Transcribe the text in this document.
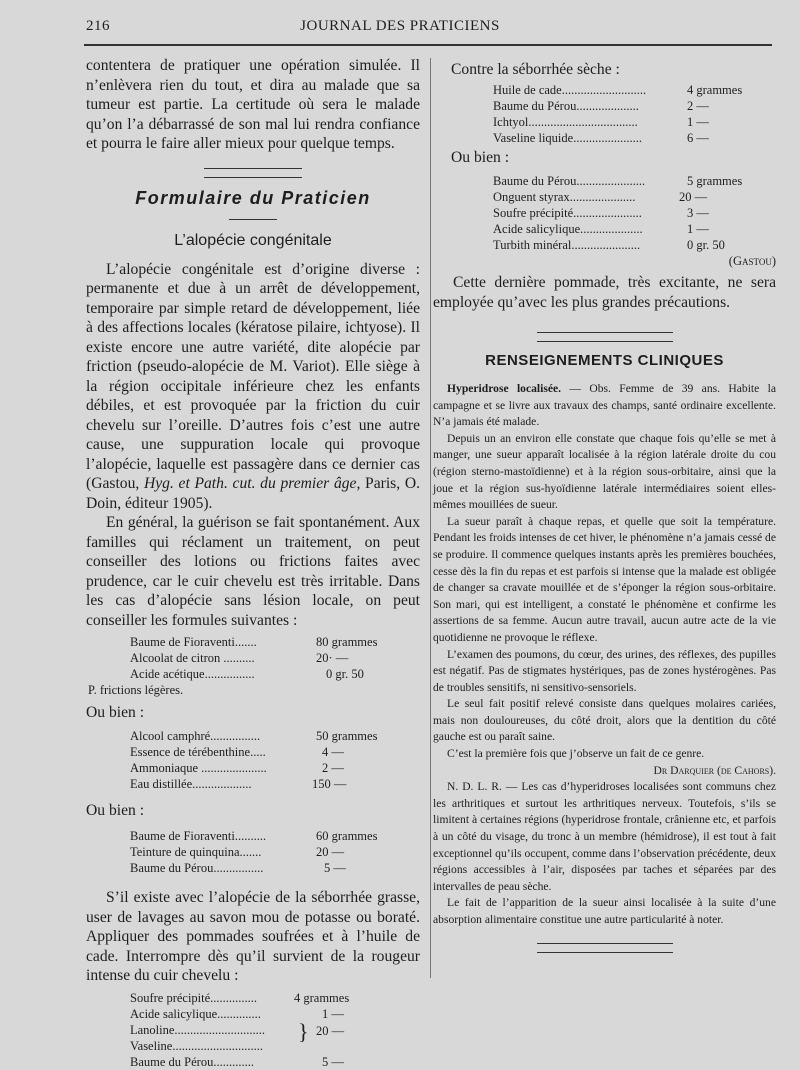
216	JOURNAL DES PRATICIENS

contentera de pratiquer une opération simulée. Il n’enlèvera rien du tout, et dira au malade que sa tumeur est partie. La certitude où sera le malade qu’on l’a débarrassé de son mal lui rendra confiance et pourra le faire aller mieux pour quelque temps.

Formulaire du Praticien
L’alopécie congénitale

L’alopécie congénitale est d’origine diverse : permanente et due à un arrêt de développement, temporaire par simple retard de développement, liée à des affections locales (kératose pilaire, ichtyose). Il existe encore une autre variété, dite alopécie par friction (pseudo-alopécie de M. Variot). Elle siège à la région occipitale inférieure chez les enfants débiles, et est provoquée par la friction du cuir chevelu sur l’oreille. D’autres fois c’est une autre cause, une suppuration locale qui provoque l’alopécie, laquelle est passagère dans ce dernier cas (Gastou, Hyg. et Path. cut. du premier âge, Paris, O. Doin, éditeur 1905).

En général, la guérison se fait spontanément. Aux familles qui réclament un traitement, on peut conseiller des lotions ou frictions faites avec prudence, car le cuir chevelu est très irritable. Dans les cas d’alopécie sans lésion locale, on peut conseiller les formules suivantes :

Baume de Fioraventi.......	80 grammes
Alcoolat de citron ..........	20· —
Acide acétique................	0 gr. 50
P. frictions légères.
Ou bien :
Alcool camphré................	50 grammes
Essence de térébenthine.....	4 —
Ammoniaque .....................	2 —
Eau distillée...................	150 —
Ou bien :
Baume de Fioraventi..........	60 grammes
Teinture de quinquina.......	20 —
Baume du Pérou................	5 —

S’il existe avec l’alopécie de la séborrhée grasse, user de lavages au savon mou de potasse ou boraté. Appliquer des pommades soufrées et à l’huile de cade. Interrompre dès qu’il survient de la rougeur intense du cuir chevelu :

Soufre précipité...............	4 grammes
Acide salicylique..............	1 —
Lanoline.............................
Vaseline.............................
} 20 —
Baume du Pérou.............	5 —
Contre la séborrhée sèche :
Huile de cade...........................	4 grammes
Baume du Pérou....................	2 —
Ichtyol...................................	1 —
Vaseline liquide......................	6 —
Ou bien :
Baume du Pérou......................	5 grammes
Onguent styrax.....................	20 —
Soufre précipité......................	3 —
Acide salicylique....................	1 —
Turbith minéral......................	0 gr. 50
(Gastou)

Cette dernière pommade, très excitante, ne sera employée qu’avec les plus grandes précautions.

RENSEIGNEMENTS CLINIQUES

Hyperidrose localisée. — Obs. Femme de 39 ans. Habite la campagne et se livre aux travaux des champs, santé ordinaire excellente. N’a jamais été malade.

Depuis un an environ elle constate que chaque fois qu’elle se met à manger, une sueur apparaît localisée à la région latérale droite du cou (région sterno-mastoïdienne) et à la région sous-orbitaire, ainsi que la joue et la région sus-hyoïdienne latérale intermédiaires soient elles-mêmes mouillées de sueur.

La sueur paraît à chaque repas, et quelle que soit la température. Pendant les froids intenses de cet hiver, le phénomène n’a jamais cessé de se produire. Il commence quelques instants après les premières bouchées, cesse dès la fin du repas et est parfois si intense que la malade est obligée de changer sa cravate mouillée et de s’éponger la région sous-orbitaire. Son mari, qui est intelligent, a constaté le phénomène et confirme les assertions de sa femme. Aucun autre travail, aucun autre acte de la vie quotidienne ne provoque le réflexe.

L’examen des poumons, du cœur, des urines, des réflexes, des pupilles est négatif. Pas de stigmates hystériques, pas de zones hystérogènes. Pas de troubles sensitifs, ni sensitivo-sensoriels.

Le seul fait positif relevé consiste dans quelques molaires cariées, mais non douloureuses, du côté droit, alors que la dentition du côté gauche est ou paraît saine.

C’est la première fois que j’observe un fait de ce genre.

Dr Darquier (de Cahors).

N. D. L. R. — Les cas d’hyperidroses localisées sont communs chez les arthritiques et surtout les arthritiques nerveux. Toutefois, s’ils se limitent à certaines régions (hyperidrose frontale, crânienne etc, et parfois à un côté du visage, du tronc à un membre (hémidrose), il est tout à fait exceptionnel qu’ils occupent, comme dans l’observation précédente, deux régions accessibles à l’air, disposées par taches et séparées par des intervalles de peau sèche.

Le fait de l’apparition de la sueur ainsi localisée à la suite d’une absorption alimentaire constitue une autre particularité à noter.
